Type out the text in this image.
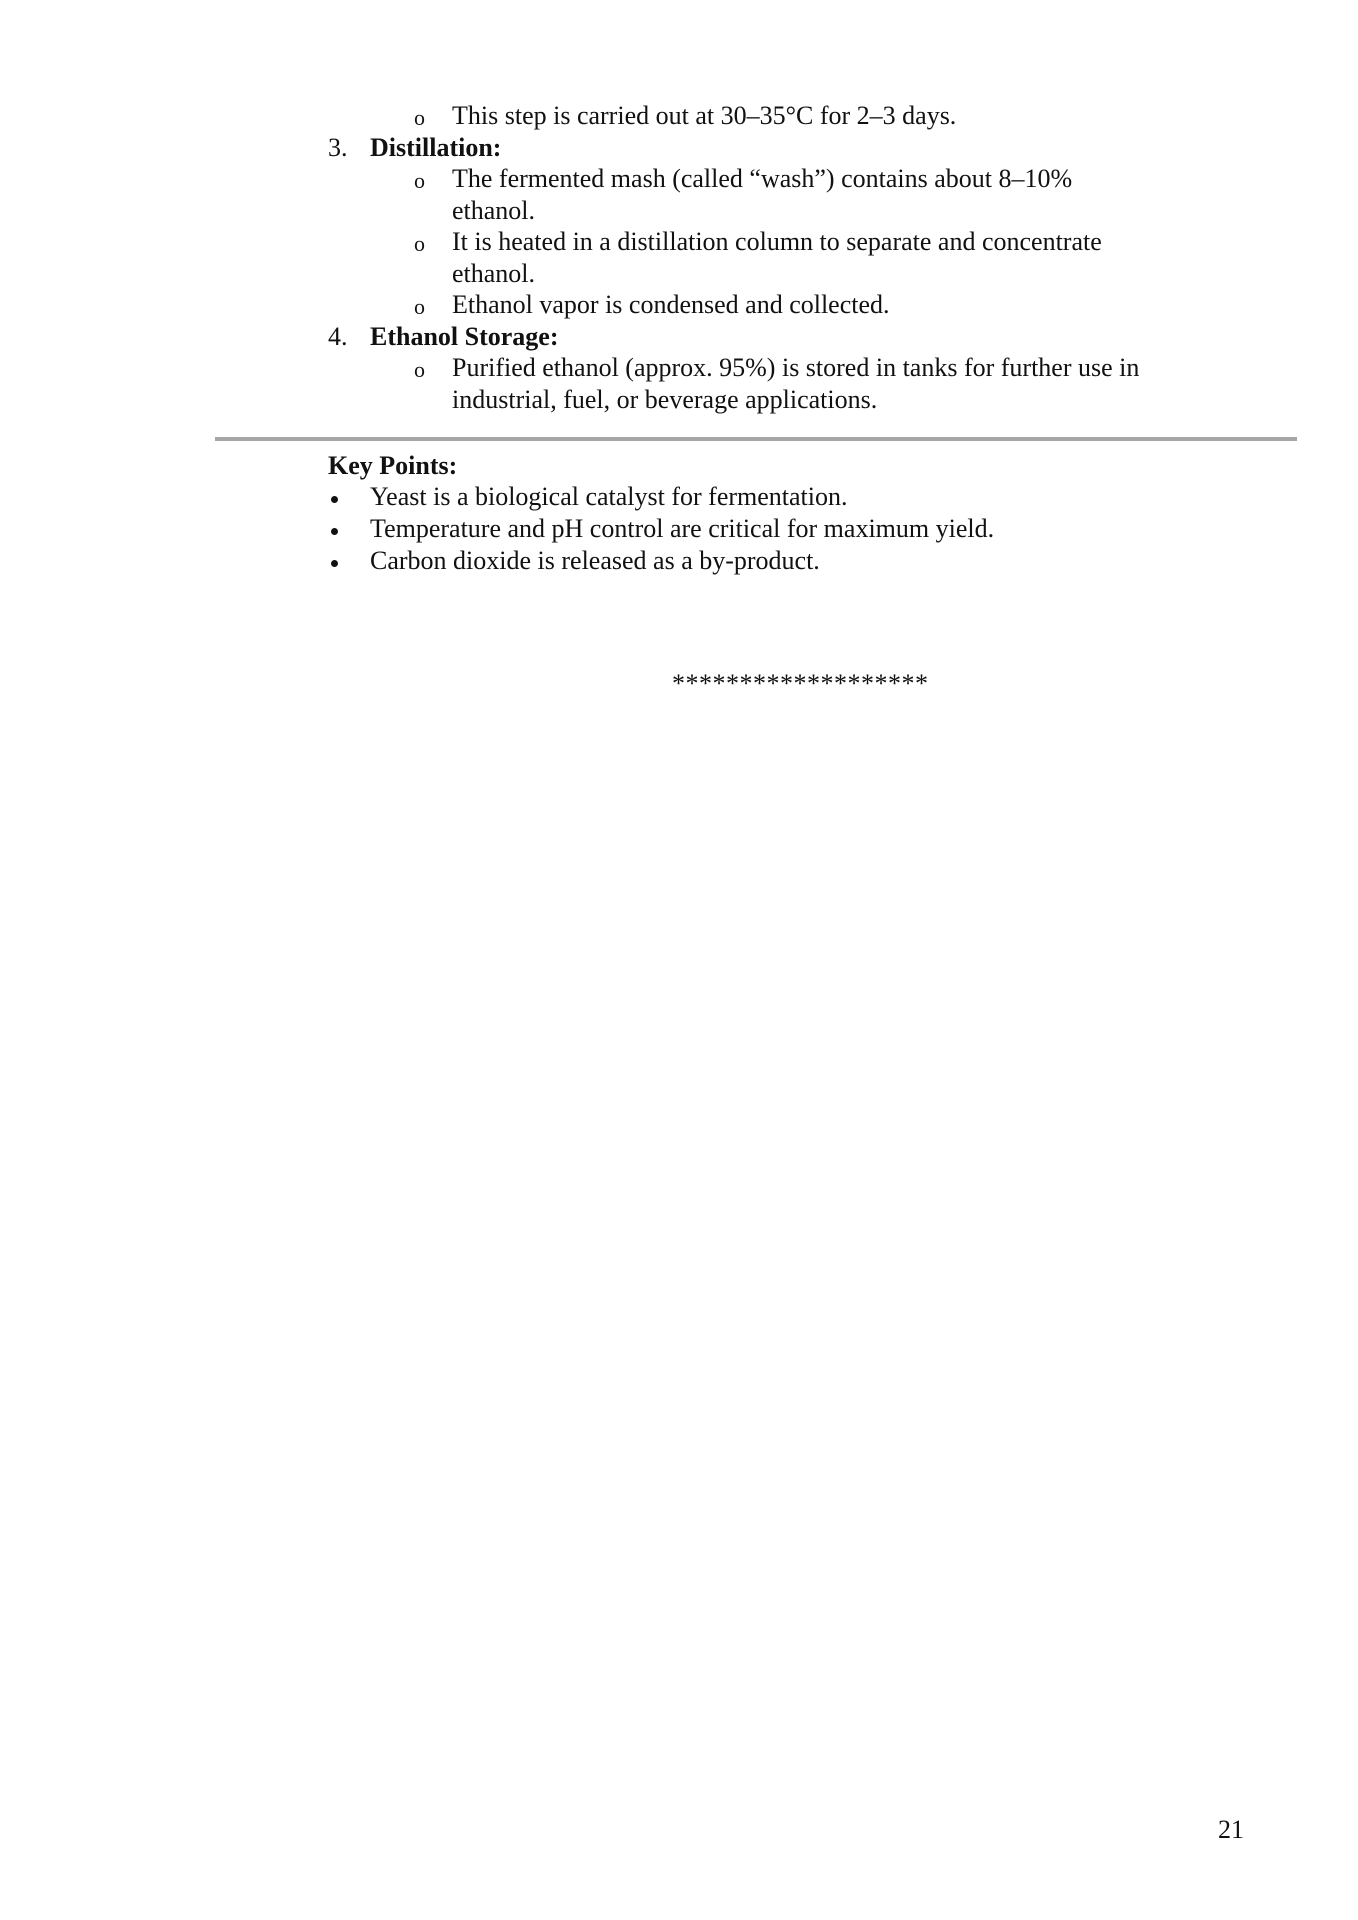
o This step is carried out at 30–35°C for 2–3 days.
3. Distillation:
o The fermented mash (called “wash”) contains about 8–10%
ethanol.
o It is heated in a distillation column to separate and concentrate
ethanol.
o Ethanol vapor is condensed and collected.
4. Ethanol Storage:
o Purified ethanol (approx. 95%) is stored in tanks for further use in
industrial, fuel, or beverage applications.
Key Points:
Yeast is a biological catalyst for fermentation.
Temperature and pH control are critical for maximum yield.
Carbon dioxide is released as a by-product.
*******************
21
